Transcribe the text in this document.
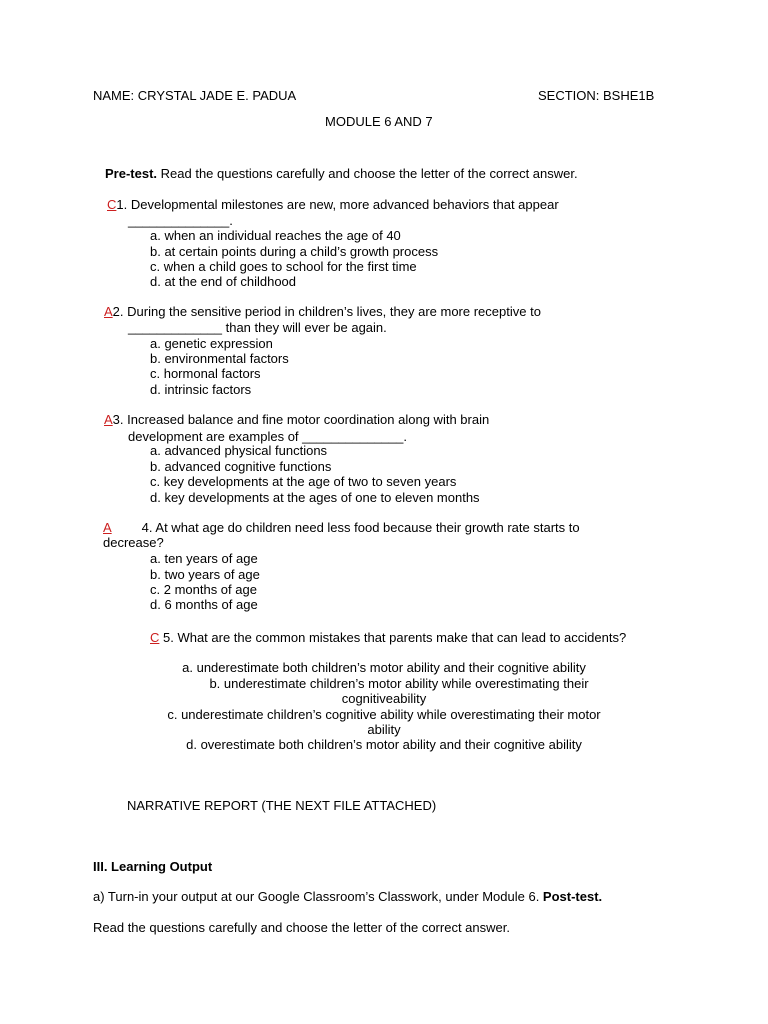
NAME: CRYSTAL JADE E. PADUA	SECTION: BSHE1B
MODULE 6 AND 7
Pre-test. Read the questions carefully and choose the letter of the correct answer.
C1. Developmental milestones are new, more advanced behaviors that appear
______________.
a. when an individual reaches the age of 40
b. at certain points during a child’s growth process
c. when a child goes to school for the first time
d. at the end of childhood
A2. During the sensitive period in children’s lives, they are more receptive to
_____________ than they will ever be again.
a. genetic expression
b. environmental factors
c. hormonal factors
d. intrinsic factors
A3. Increased balance and fine motor coordination along with brain
development are examples of ______________.
a. advanced physical functions
b. advanced cognitive functions
c. key developments at the age of two to seven years
d. key developments at the ages of one to eleven months
A 4. At what age do children need less food because their growth rate starts to
decrease?
a. ten years of age
b. two years of age
c. 2 months of age
d. 6 months of age
C 5. What are the common mistakes that parents make that can lead to accidents?
a. underestimate both children’s motor ability and their cognitive ability
b. underestimate children’s motor ability while overestimating their
cognitiveability
c. underestimate children’s cognitive ability while overestimating their motor
ability
d. overestimate both children’s motor ability and their cognitive ability
NARRATIVE REPORT (THE NEXT FILE ATTACHED)
III. Learning Output
a) Turn-in your output at our Google Classroom’s Classwork, under Module 6. Post-test.
Read the questions carefully and choose the letter of the correct answer.
